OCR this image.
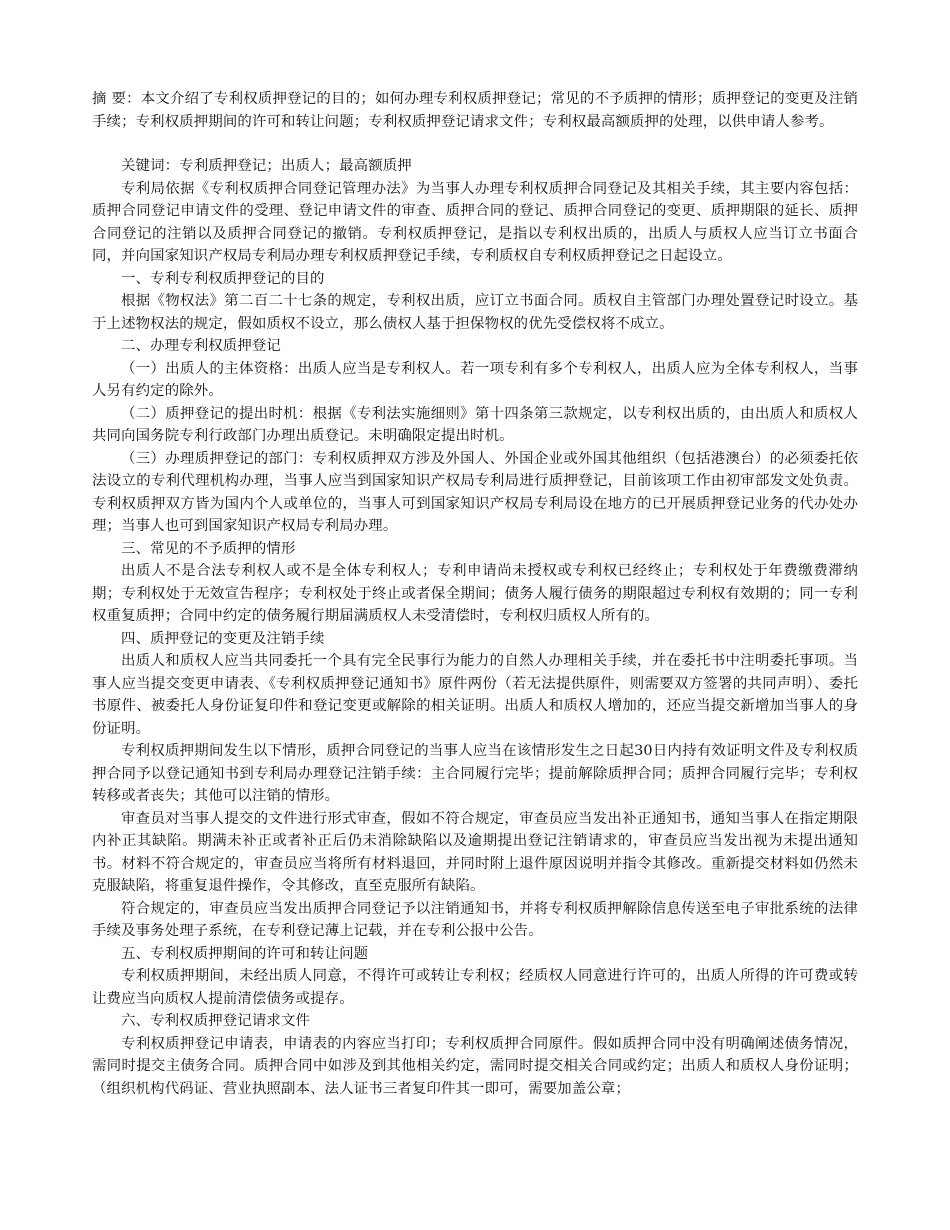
摘 要：本文介绍了专利权质押登记的目的；如何办理专利权质押登记；常见的不予质押的情形；质押登记的变更及注销手续；专利权质押期间的许可和转让问题；专利权质押登记请求文件；专利权最高额质押的处理，以供申请人参考。

关键词：专利质押登记；出质人；最高额质押

专利局依据《专利权质押合同登记管理办法》为当事人办理专利权质押合同登记及其相关手续，其主要内容包括：质押合同登记申请文件的受理、登记申请文件的审查、质押合同的登记、质押合同登记的变更、质押期限的延长、质押合同登记的注销以及质押合同登记的撤销。专利权质押登记，是指以专利权出质的，出质人与质权人应当订立书面合同，并向国家知识产权局专利局办理专利权质押登记手续，专利质权自专利权质押登记之日起设立。

一、专利专利权质押登记的目的

根据《物权法》第二百二十七条的规定，专利权出质，应订立书面合同。质权自主管部门办理处置登记时设立。基于上述物权法的规定，假如质权不设立，那么债权人基于担保物权的优先受偿权将不成立。

二、办理专利权质押登记

（一）出质人的主体资格：出质人应当是专利权人。若一项专利有多个专利权人，出质人应为全体专利权人，当事人另有约定的除外。

（二）质押登记的提出时机：根据《专利法实施细则》第十四条第三款规定，以专利权出质的，由出质人和质权人共同向国务院专利行政部门办理出质登记。未明确限定提出时机。

（三）办理质押登记的部门：专利权质押双方涉及外国人、外国企业或外国其他组织（包括港澳台）的必须委托依法设立的专利代理机构办理，当事人应当到国家知识产权局专利局进行质押登记，目前该项工作由初审部发文处负责。专利权质押双方皆为国内个人或单位的，当事人可到国家知识产权局专利局设在地方的已开展质押登记业务的代办处办理；当事人也可到国家知识产权局专利局办理。

三、常见的不予质押的情形

出质人不是合法专利权人或不是全体专利权人；专利申请尚未授权或专利权已经终止；专利权处于年费缴费滞纳期；专利权处于无效宣告程序；专利权处于终止或者保全期间；债务人履行债务的期限超过专利权有效期的；同一专利权重复质押；合同中约定的债务履行期届满质权人未受清偿时，专利权归质权人所有的。

四、质押登记的变更及注销手续

出质人和质权人应当共同委托一个具有完全民事行为能力的自然人办理相关手续，并在委托书中注明委托事项。当事人应当提交变更申请表、《专利权质押登记通知书》原件两份（若无法提供原件，则需要双方签署的共同声明）、委托书原件、被委托人身份证复印件和登记变更或解除的相关证明。出质人和质权人增加的，还应当提交新增加当事人的身份证明。

专利权质押期间发生以下情形，质押合同登记的当事人应当在该情形发生之日起30日内持有效证明文件及专利权质押合同予以登记通知书到专利局办理登记注销手续：主合同履行完毕；提前解除质押合同；质押合同履行完毕；专利权转移或者丧失；其他可以注销的情形。

审查员对当事人提交的文件进行形式审查，假如不符合规定，审查员应当发出补正通知书，通知当事人在指定期限内补正其缺陷。期满未补正或者补正后仍未消除缺陷以及逾期提出登记注销请求的，审查员应当发出视为未提出通知书。材料不符合规定的，审查员应当将所有材料退回，并同时附上退件原因说明并指令其修改。重新提交材料如仍然未克服缺陷，将重复退件操作，令其修改，直至克服所有缺陷。

符合规定的，审查员应当发出质押合同登记予以注销通知书，并将专利权质押解除信息传送至电子审批系统的法律手续及事务处理子系统，在专利登记薄上记载，并在专利公报中公告。

五、专利权质押期间的许可和转让问题

专利权质押期间，未经出质人同意，不得许可或转让专利权；经质权人同意进行许可的，出质人所得的许可费或转让费应当向质权人提前清偿债务或提存。

六、专利权质押登记请求文件

专利权质押登记申请表，申请表的内容应当打印；专利权质押合同原件。假如质押合同中没有明确阐述债务情况，需同时提交主债务合同。质押合同中如涉及到其他相关约定，需同时提交相关合同或约定；出质人和质权人身份证明；（组织机构代码证、营业执照副本、法人证书三者复印件其一即可，需要加盖公章；
